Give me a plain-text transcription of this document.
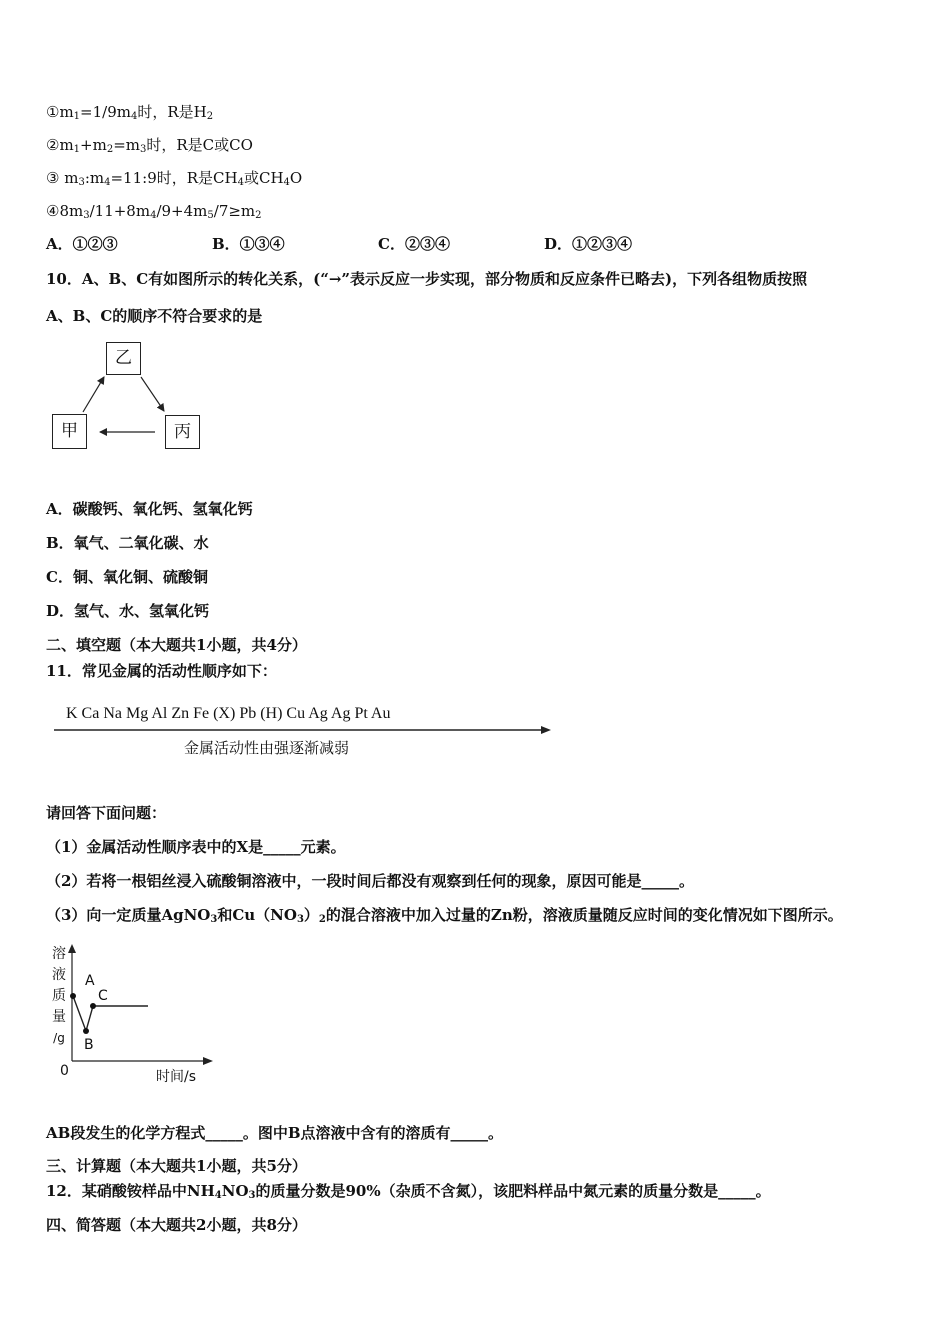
$①m_1=1/9m_4$时，R是$H_2$
$②m_1+m_2=m_3$时，R是C或CO
③ $m_3:m_4=11:9$时，R是$CH_4$或$CH_4O$
$④8m_3/11+8m_4/9+4m_5/7\ge m_2$
A．①②③	B．①③④	C．②③④	D．①②③④
10．A、B、C有如图所示的转化关系，(“→”表示反应一步实现，部分物质和反应条件已略去)，下列各组物质按照
A、B、C的顺序不符合要求的是
乙
甲	丙
A．碳酸钙、氧化钙、氢氧化钙
B．氧气、二氧化碳、水
C．铜、氧化铜、硫酸铜
D．氢气、水、氢氧化钙
二、填空题（本大题共1小题，共4分）
11．常见金属的活动性顺序如下：
K Ca Na Mg Al Zn Fe (X) Pb (H) Cu Ag Ag Pt Au
金属活动性由强逐渐减弱
请回答下面问题：
（1）金属活动性顺序表中的X是_____元素。
（2）若将一根铝丝浸入硫酸铜溶液中，一段时间后都没有观察到任何的现象，原因可能是_____。
（3）向一定质量AgNO$_3$和$Cu(NO_3)_2$的混合溶液中加入过量的Zn粉，溶液质量随反应时间的变化情况如下图所示。
溶
液
质
量
/g
A
B
C
0	时间/s
AB段发生的化学方程式_____。图中B点溶液中含有的溶质有_____。
三、计算题（本大题共1小题，共5分）
12．某硝酸铵样品中$NH_4NO_3$的质量分数是90%（杂质不含氮），该肥料样品中氮元素的质量分数是_____。
四、简答题（本大题共2小题，共8分）
